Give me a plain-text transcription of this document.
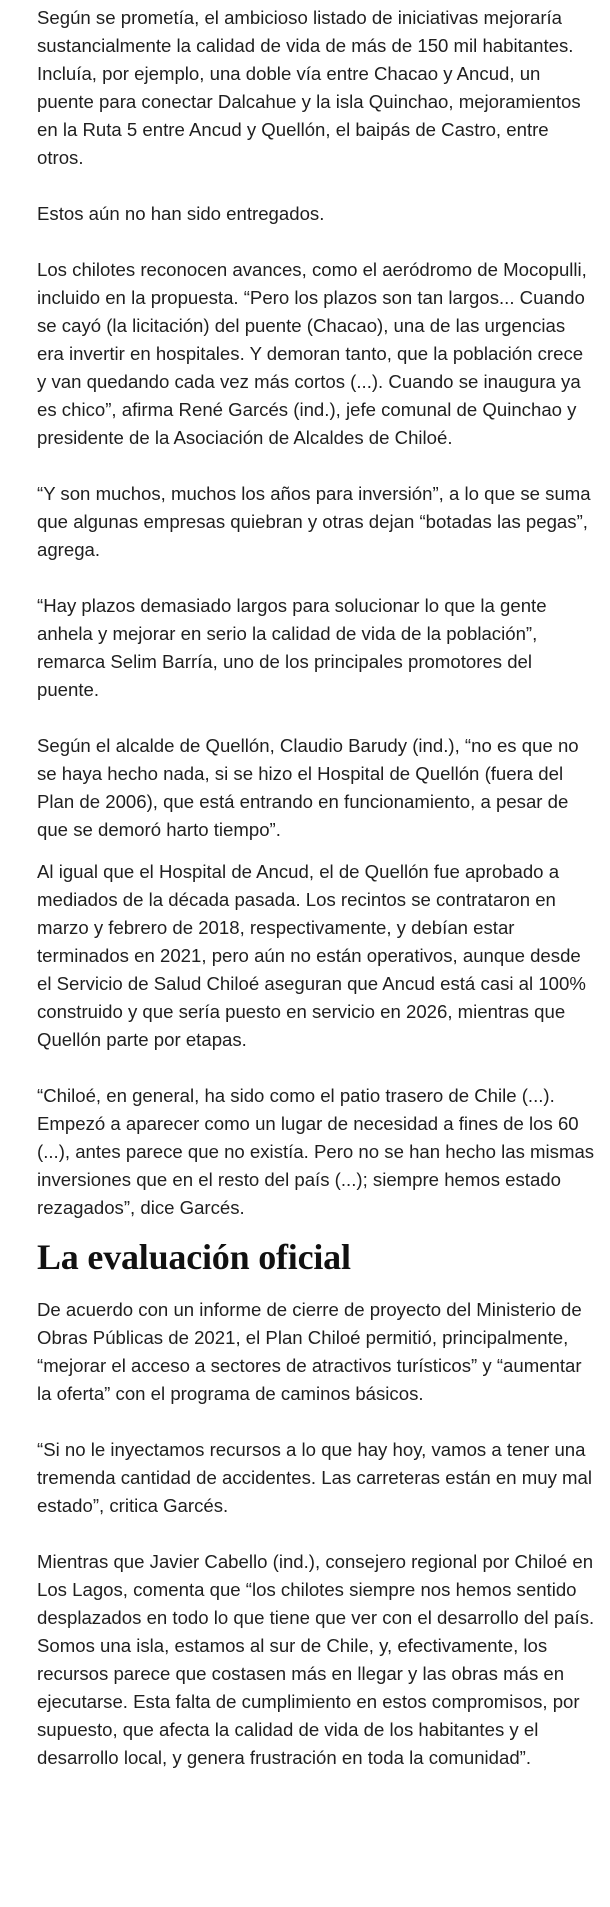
Según se prometía, el ambicioso listado de iniciativas mejoraría sustancialmente la calidad de vida de más de 150 mil habitantes. Incluía, por ejemplo, una doble vía entre Chacao y Ancud, un puente para conectar Dalcahue y la isla Quinchao, mejoramientos en la Ruta 5 entre Ancud y Quellón, el baipás de Castro, entre otros.

Estos aún no han sido entregados.

Los chilotes reconocen avances, como el aeródromo de Mocopulli, incluido en la propuesta. “Pero los plazos son tan largos... Cuando se cayó (la licitación) del puente (Chacao), una de las urgencias era invertir en hospitales. Y demoran tanto, que la población crece y van quedando cada vez más cortos (...). Cuando se inaugura ya es chico”, afirma René Garcés (ind.), jefe comunal de Quinchao y presidente de la Asociación de Alcaldes de Chiloé.

“Y son muchos, muchos los años para inversión”, a lo que se suma que algunas empresas quiebran y otras dejan “botadas las pegas”, agrega.

“Hay plazos demasiado largos para solucionar lo que la gente anhela y mejorar en serio la calidad de vida de la población”, remarca Selim Barría, uno de los principales promotores del puente.

Según el alcalde de Quellón, Claudio Barudy (ind.), “no es que no se haya hecho nada, si se hizo el Hospital de Quellón (fuera del Plan de 2006), que está entrando en funcionamiento, a pesar de que se demoró harto tiempo”.

Al igual que el Hospital de Ancud, el de Quellón fue aprobado a mediados de la década pasada. Los recintos se contrataron en marzo y febrero de 2018, respectivamente, y debían estar terminados en 2021, pero aún no están operativos, aunque desde el Servicio de Salud Chiloé aseguran que Ancud está casi al 100% construido y que sería puesto en servicio en 2026, mientras que Quellón parte por etapas.

“Chiloé, en general, ha sido como el patio trasero de Chile (...). Empezó a aparecer como un lugar de necesidad a fines de los 60 (...), antes parece que no existía. Pero no se han hecho las mismas inversiones que en el resto del país (...); siempre hemos estado rezagados”, dice Garcés.

La evaluación oficial

De acuerdo con un informe de cierre de proyecto del Ministerio de Obras Públicas de 2021, el Plan Chiloé permitió, principalmente, “mejorar el acceso a sectores de atractivos turísticos” y “aumentar la oferta” con el programa de caminos básicos.

“Si no le inyectamos recursos a lo que hay hoy, vamos a tener una tremenda cantidad de accidentes. Las carreteras están en muy mal estado”, critica Garcés.

Mientras que Javier Cabello (ind.), consejero regional por Chiloé en Los Lagos, comenta que “los chilotes siempre nos hemos sentido desplazados en todo lo que tiene que ver con el desarrollo del país. Somos una isla, estamos al sur de Chile, y, efectivamente, los recursos parece que costasen más en llegar y las obras más en ejecutarse. Esta falta de cumplimiento en estos compromisos, por supuesto, que afecta la calidad de vida de los habitantes y el desarrollo local, y genera frustración en toda la comunidad”.
